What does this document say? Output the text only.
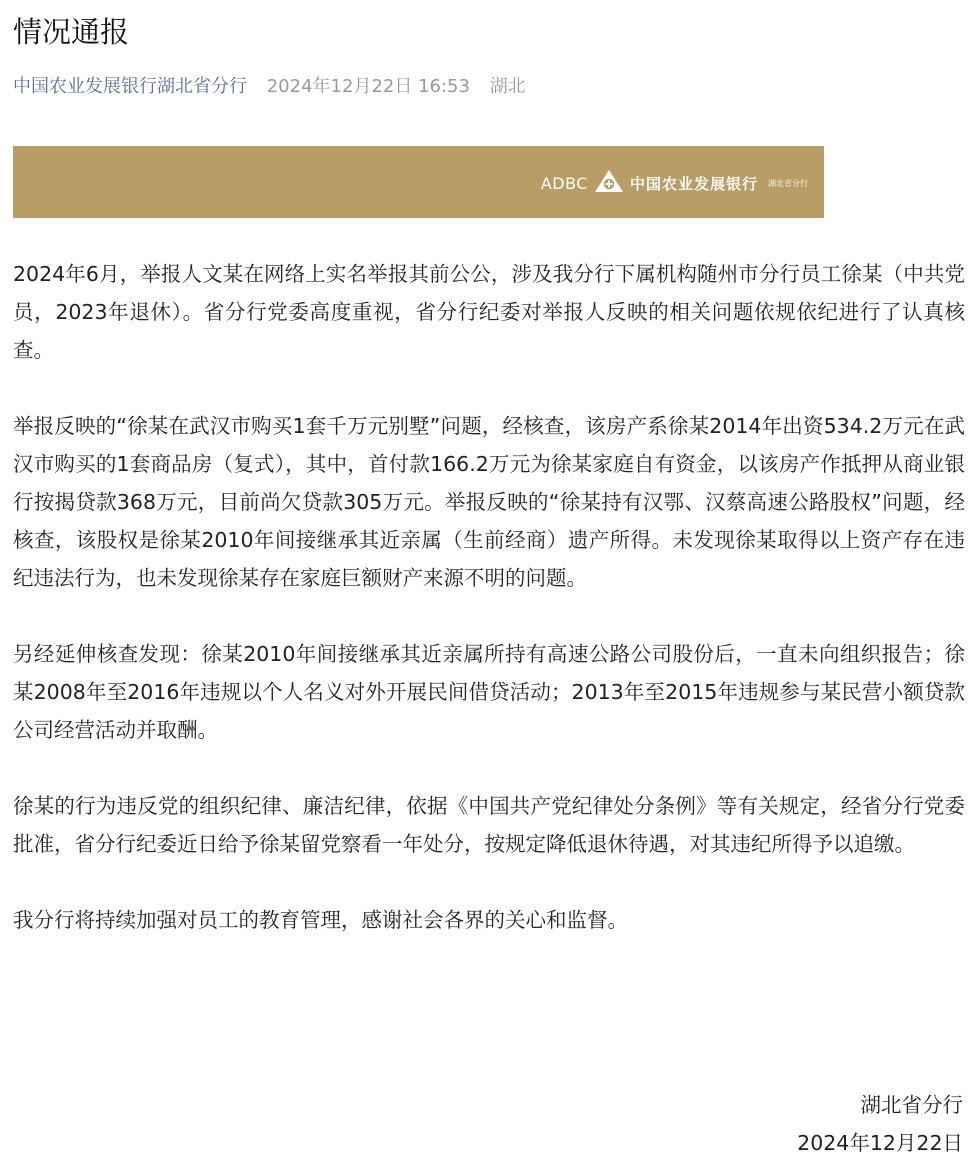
情况通报
中国农业发展银行湖北省分行 2024年12月22日 16:53 湖北
ADBC	中国农业发展银行 湖北省分行

2024年6月，举报人文某在网络上实名举报其前公公，涉及我分行下属机构随州市分行员工徐某（中共党员，2023年退休）。省分行党委高度重视，省分行纪委对举报人反映的相关问题依规依纪进行了认真核查。

举报反映的“徐某在武汉市购买1套千万元别墅”问题，经核查，该房产系徐某2014年出资534.2万元在武汉市购买的1套商品房（复式），其中，首付款166.2万元为徐某家庭自有资金，以该房产作抵押从商业银行按揭贷款368万元，目前尚欠贷款305万元。举报反映的“徐某持有汉鄂、汉蔡高速公路股权”问题，经核查，该股权是徐某2010年间接继承其近亲属（生前经商）遗产所得。未发现徐某取得以上资产存在违纪违法行为，也未发现徐某存在家庭巨额财产来源不明的问题。

另经延伸核查发现：徐某2010年间接继承其近亲属所持有高速公路公司股份后，一直未向组织报告；徐某2008年至2016年违规以个人名义对外开展民间借贷活动；2013年至2015年违规参与某民营小额贷款公司经营活动并取酬。

徐某的行为违反党的组织纪律、廉洁纪律，依据《中国共产党纪律处分条例》等有关规定，经省分行党委批准，省分行纪委近日给予徐某留党察看一年处分，按规定降低退休待遇，对其违纪所得予以追缴。

我分行将持续加强对员工的教育管理，感谢社会各界的关心和监督。

湖北省分行
2024年12月22日
